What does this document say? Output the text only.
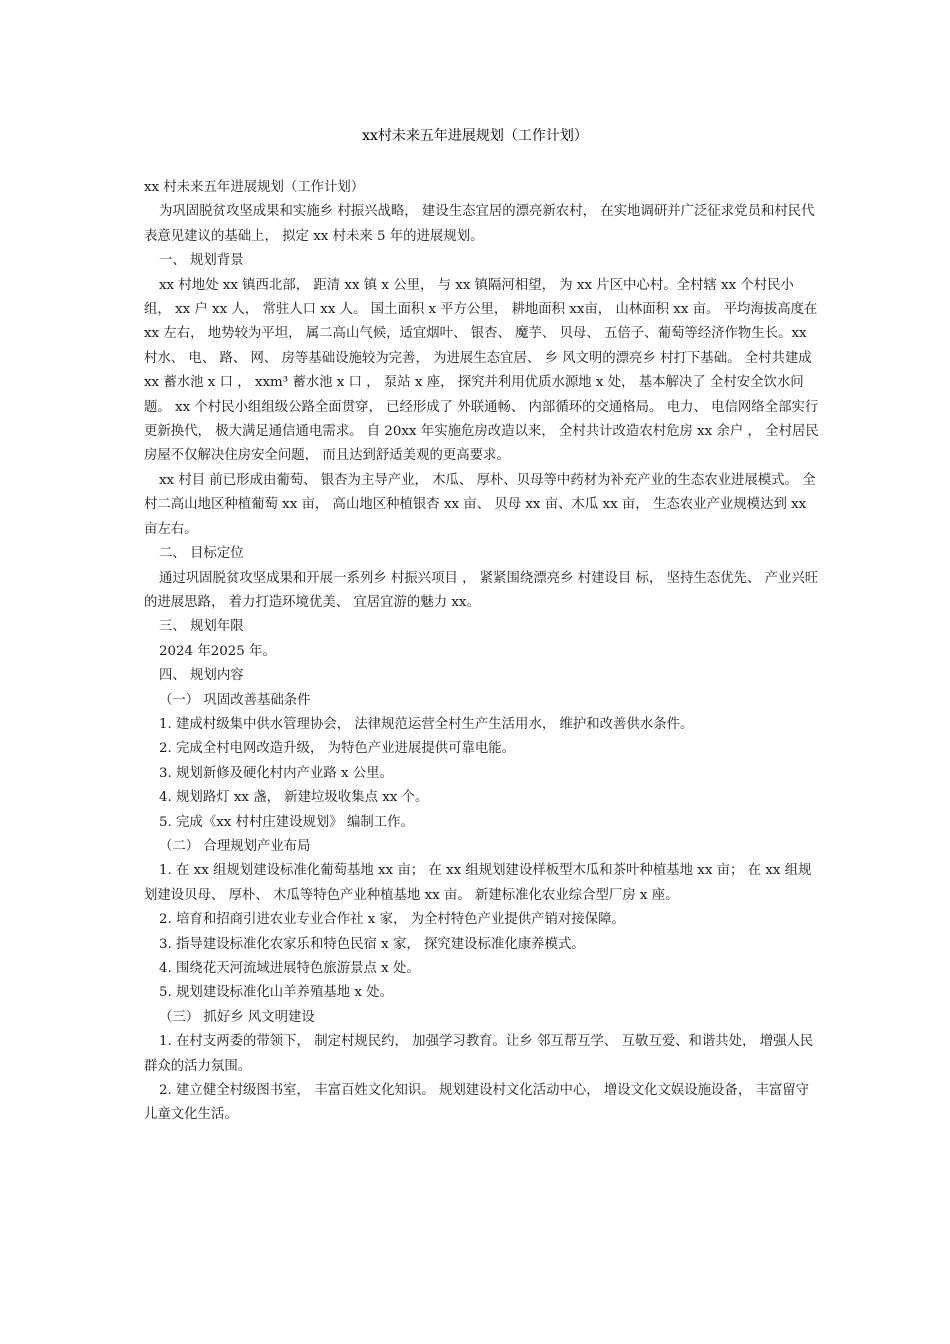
xx村未来五年进展规划（工作计划）

xx 村未来五年进展规划（工作计划）

为巩固脱贫攻坚成果和实施乡 村振兴战略， 建设生态宜居的漂亮新农村， 在实地调研并广泛征求党员和村民代表意见建议的基础上， 拟定 xx 村未来 5 年的进展规划。

一、 规划背景

xx 村地处 xx 镇西北部， 距清 xx 镇 x 公里， 与 xx 镇隔河相望， 为 xx 片区中心村。全村辖 xx 个村民小组， xx 户 xx 人， 常驻人口 xx 人。 国土面积 x 平方公里， 耕地面积 xx亩， 山林面积 xx 亩。 平均海拔高度在 xx 左右， 地势较为平坦， 属二高山气候，适宜烟叶、 银杏、 魔芋、 贝母、 五倍子、葡萄等经济作物生长。xx 村水、 电、 路、 网、 房等基础设施较为完善， 为进展生态宜居、 乡 风文明的漂亮乡 村打下基础。 全村共建成 xx 蓄水池 x 口 ， xxm³ 蓄水池 x 口 ， 泵站 x 座， 探究并利用优质水源地 x 处， 基本解决了 全村安全饮水问题。 xx 个村民小组组级公路全面贯穿， 已经形成了 外联通畅、 内部循环的交通格局。 电力、 电信网络全部实行更新换代， 极大满足通信通电需求。 自 20xx 年实施危房改造以来， 全村共计改造农村危房 xx 余户 ， 全村居民房屋不仅解决住房安全问题， 而且达到舒适美观的更高要求。

xx 村目 前已形成由葡萄、 银杏为主导产业， 木瓜、 厚朴、贝母等中药材为补充产业的生态农业进展模式。 全村二高山地区种植葡萄 xx 亩， 高山地区种植银杏 xx 亩、 贝母 xx 亩、木瓜 xx 亩， 生态农业产业规模达到 xx 亩左右。

二、 目标定位

通过巩固脱贫攻坚成果和开展一系列乡 村振兴项目 ， 紧紧围绕漂亮乡 村建设目 标， 坚持生态优先、 产业兴旺的进展思路， 着力打造环境优美、 宜居宜游的魅力 xx。

三、 规划年限

2024 年2025 年。

四、 规划内容

（一） 巩固改善基础条件

1. 建成村级集中供水管理协会， 法律规范运营全村生产生活用水， 维护和改善供水条件。

2. 完成全村电网改造升级， 为特色产业进展提供可靠电能。

3. 规划新修及硬化村内产业路 x 公里。

4. 规划路灯 xx 盏， 新建垃圾收集点 xx 个。

5. 完成《xx 村村庄建设规划》 编制工作。

（二） 合理规划产业布局

1. 在 xx 组规划建设标准化葡萄基地 xx 亩； 在 xx 组规划建设样板型木瓜和茶叶种植基地 xx 亩； 在 xx 组规划建设贝母、 厚朴、 木瓜等特色产业种植基地 xx 亩。 新建标准化农业综合型厂房 x 座。

2. 培育和招商引进农业专业合作社 x 家， 为全村特色产业提供产销对接保障。

3. 指导建设标准化农家乐和特色民宿 x 家， 探究建设标准化康养模式。

4. 围绕花天河流域进展特色旅游景点 x 处。

5. 规划建设标准化山羊养殖基地 x 处。

（三） 抓好乡 风文明建设

1. 在村支两委的带领下， 制定村规民约， 加强学习教育。让乡 邻互帮互学、 互敬互爱、和谐共处， 增强人民群众的活力氛围。

2. 建立健全村级图书室， 丰富百姓文化知识。 规划建设村文化活动中心， 增设文化文娱设施设备， 丰富留守儿童文化生活。
